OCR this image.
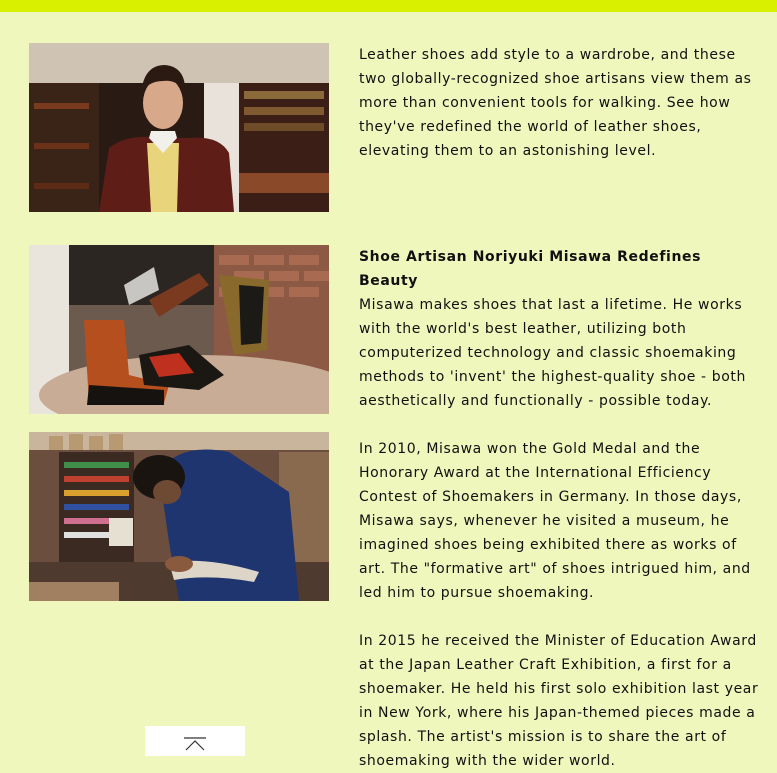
Leather shoes add style to a wardrobe, and these two globally-recognized shoe artisans view them as more than convenient tools for walking. See how they've redefined the world of leather shoes, elevating them to an astonishing level.

Shoe Artisan Noriyuki Misawa Redefines Beauty

Misawa makes shoes that last a lifetime. He works with the world's best leather, utilizing both computerized technology and classic shoemaking methods to 'invent' the highest-quality shoe - both aesthetically and functionally - possible today.

In 2010, Misawa won the Gold Medal and the Honorary Award at the International Efficiency Contest of Shoemakers in Germany. In those days, Misawa says, whenever he visited a museum, he imagined shoes being exhibited there as works of art. The "formative art" of shoes intrigued him, and led him to pursue shoemaking.

In 2015 he received the Minister of Education Award at the Japan Leather Craft Exhibition, a first for a shoemaker. He held his first solo exhibition last year in New York, where his Japan-themed pieces made a splash. The artist's mission is to share the art of shoemaking with the wider world.
